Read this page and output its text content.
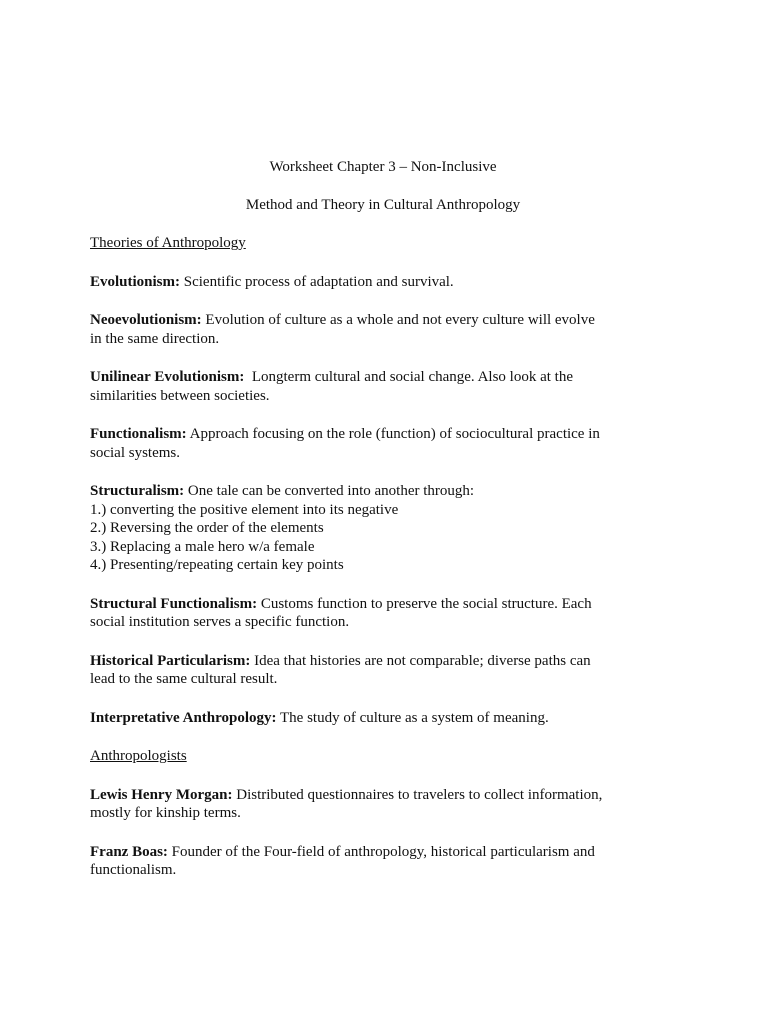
Worksheet Chapter 3 – Non-Inclusive
Method and Theory in Cultural Anthropology
Theories of Anthropology
Evolutionism: Scientific process of adaptation and survival.
Neoevolutionism: Evolution of culture as a whole and not every culture will evolve in the same direction.
Unilinear Evolutionism:  Longterm cultural and social change. Also look at the similarities between societies.
Functionalism: Approach focusing on the role (function) of sociocultural practice in social systems.
Structuralism: One tale can be converted into another through:
1.) converting the positive element into its negative
2.) Reversing the order of the elements
3.) Replacing a male hero w/a female
4.) Presenting/repeating certain key points
Structural Functionalism: Customs function to preserve the social structure. Each social institution serves a specific function.
Historical Particularism: Idea that histories are not comparable; diverse paths can lead to the same cultural result.
Interpretative Anthropology: The study of culture as a system of meaning.
Anthropologists
Lewis Henry Morgan: Distributed questionnaires to travelers to collect information, mostly for kinship terms.
Franz Boas: Founder of the Four-field of anthropology, historical particularism and functionalism.
